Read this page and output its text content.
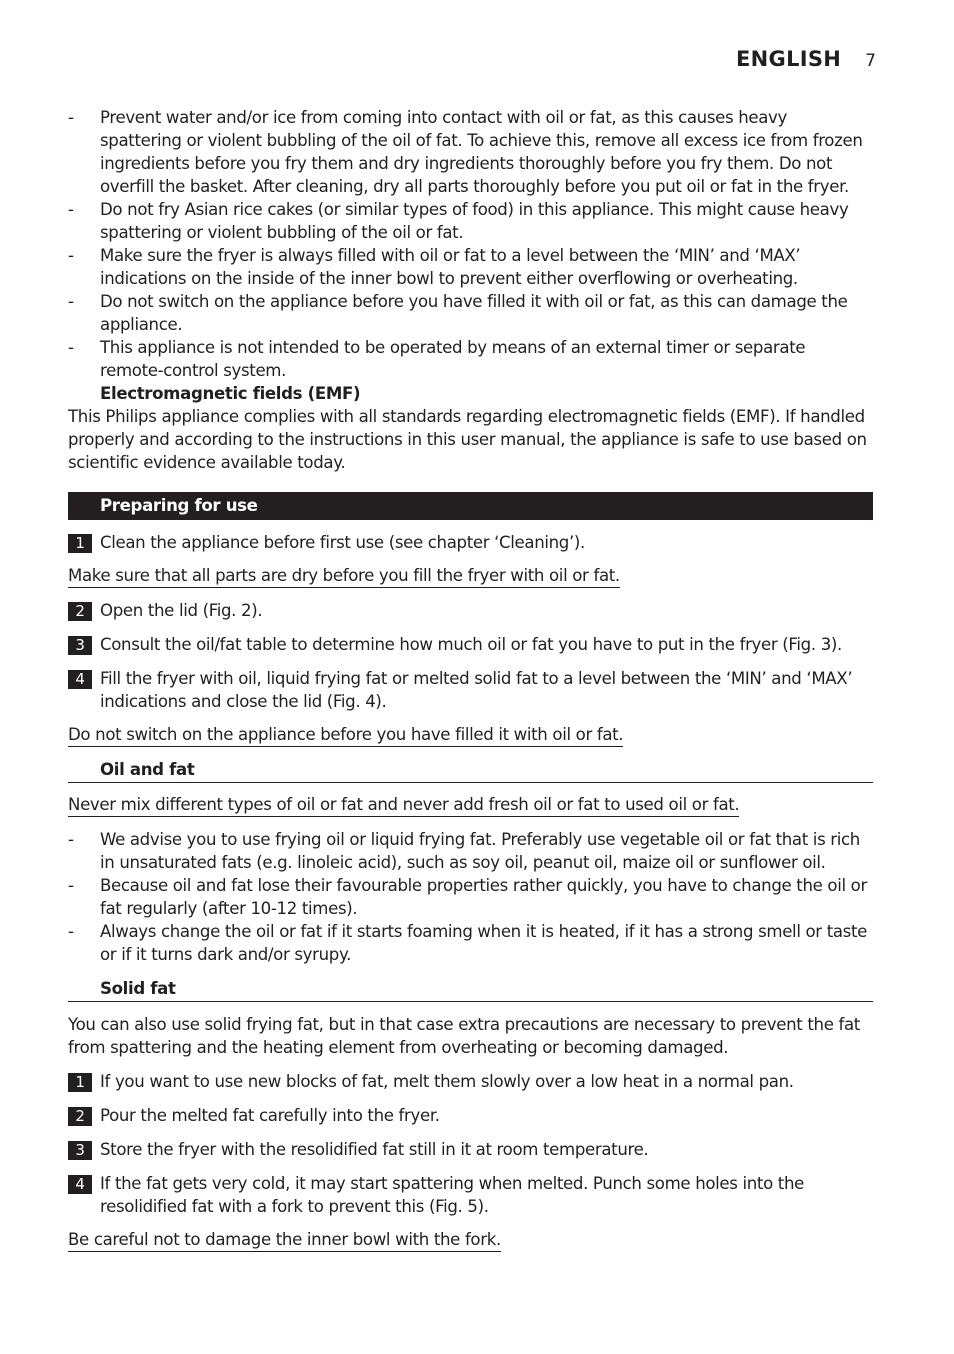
ENGLISH 7
- Prevent water and/or ice from coming into contact with oil or fat, as this causes heavy spattering or violent bubbling of the oil of fat. To achieve this, remove all excess ice from frozen ingredients before you fry them and dry ingredients thoroughly before you fry them. Do not overfill the basket. After cleaning, dry all parts thoroughly before you put oil or fat in the fryer.
- Do not fry Asian rice cakes (or similar types of food) in this appliance. This might cause heavy spattering or violent bubbling of the oil or fat.
- Make sure the fryer is always filled with oil or fat to a level between the ‘MIN’ and ‘MAX’ indications on the inside of the inner bowl to prevent either overflowing or overheating.
- Do not switch on the appliance before you have filled it with oil or fat, as this can damage the appliance.
- This appliance is not intended to be operated by means of an external timer or separate remote-control system.
Electromagnetic fields (EMF)

This Philips appliance complies with all standards regarding electromagnetic fields (EMF). If handled properly and according to the instructions in this user manual, the appliance is safe to use based on scientific evidence available today.

Preparing for use
1 Clean the appliance before first use (see chapter ‘Cleaning’).
Make sure that all parts are dry before you fill the fryer with oil or fat.
2 Open the lid (Fig. 2).
3 Consult the oil/fat table to determine how much oil or fat you have to put in the fryer (Fig. 3).
4 Fill the fryer with oil, liquid frying fat or melted solid fat to a level between the ‘MIN’ and ‘MAX’ indications and close the lid (Fig. 4).
Do not switch on the appliance before you have filled it with oil or fat.
Oil and fat
Never mix different types of oil or fat and never add fresh oil or fat to used oil or fat.
- We advise you to use frying oil or liquid frying fat. Preferably use vegetable oil or fat that is rich in unsaturated fats (e.g. linoleic acid), such as soy oil, peanut oil, maize oil or sunflower oil.
- Because oil and fat lose their favourable properties rather quickly, you have to change the oil or fat regularly (after 10-12 times).
- Always change the oil or fat if it starts foaming when it is heated, if it has a strong smell or taste or if it turns dark and/or syrupy.
Solid fat

You can also use solid frying fat, but in that case extra precautions are necessary to prevent the fat from spattering and the heating element from overheating or becoming damaged.

1 If you want to use new blocks of fat, melt them slowly over a low heat in a normal pan.
2 Pour the melted fat carefully into the fryer.
3 Store the fryer with the resolidified fat still in it at room temperature.
4 If the fat gets very cold, it may start spattering when melted. Punch some holes into the resolidified fat with a fork to prevent this (Fig. 5).
Be careful not to damage the inner bowl with the fork.
